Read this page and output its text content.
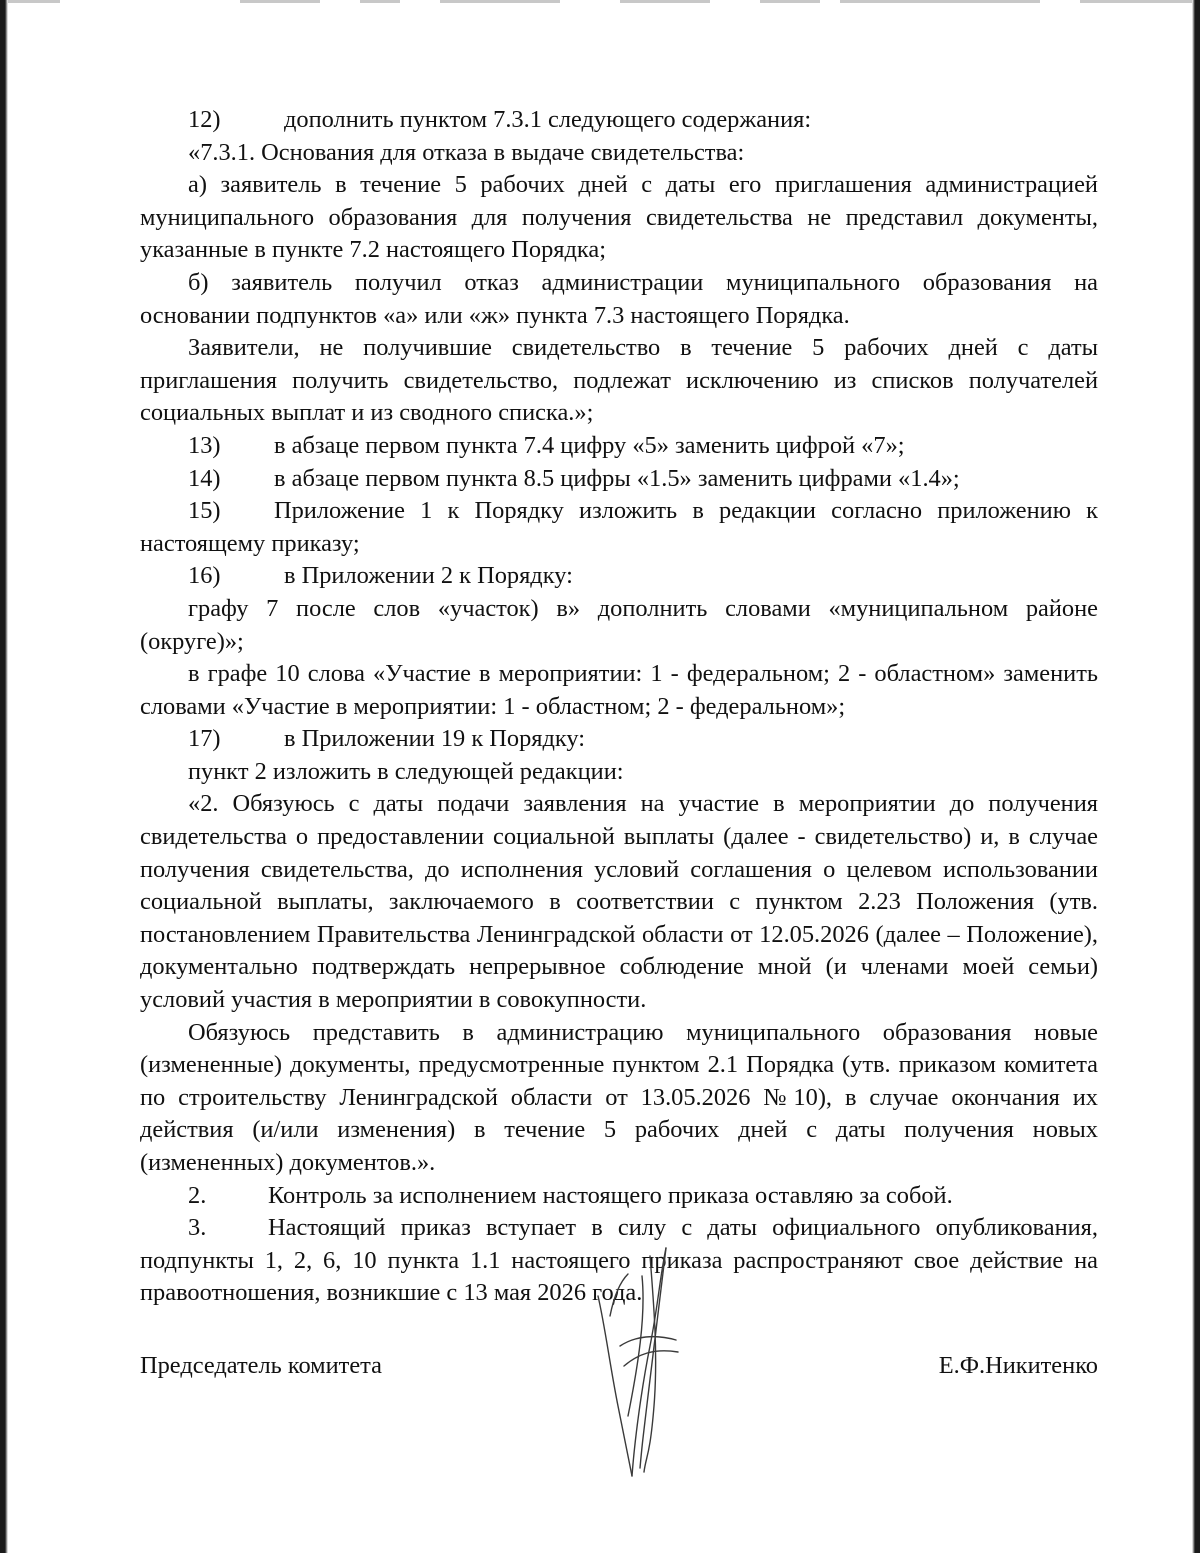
12)	дополнить пунктом 7.3.1 следующего содержания:

«7.3.1. Основания для отказа в выдаче свидетельства:

а) заявитель в течение 5 рабочих дней с даты его приглашения администрацией муниципального образования для получения свидетельства не представил документы, указанные в пункте 7.2 настоящего Порядка;

б) заявитель получил отказ администрации муниципального образования на основании подпунктов «а» или «ж» пункта 7.3 настоящего Порядка.

Заявители, не получившие свидетельство в течение 5 рабочих дней с даты приглашения получить свидетельство, подлежат исключению из списков получателей социальных выплат и из сводного списка.»;

13) в абзаце первом пункта 7.4 цифру «5» заменить цифрой «7»;

14) в абзаце первом пункта 8.5 цифры «1.5» заменить цифрами «1.4»;

15) Приложение 1 к Порядку изложить в редакции согласно приложению к настоящему приказу;

16)	в Приложении 2 к Порядку:

графу 7 после слов «участок) в» дополнить словами «муниципальном районе (округе)»;

в графе 10 слова «Участие в мероприятии: 1 - федеральном; 2 - областном» заменить словами «Участие в мероприятии: 1 - областном; 2 - федеральном»;

17)	в Приложении 19 к Порядку:

пункт 2 изложить в следующей редакции:

«2. Обязуюсь с даты подачи заявления на участие в мероприятии до получения свидетельства о предоставлении социальной выплаты (далее - свидетельство) и, в случае получения свидетельства, до исполнения условий соглашения о целевом использовании социальной выплаты, заключаемого в соответствии с пунктом 2.23 Положения (утв. постановлением Правительства Ленинградской области от 12.05.2026 (далее – Положение), документально подтверждать непрерывное соблюдение мной (и членами моей семьи) условий участия в мероприятии в совокупности.

Обязуюсь представить в администрацию муниципального образования новые (измененные) документы, предусмотренные пунктом 2.1 Порядка (утв. приказом комитета по строительству Ленинградской области от 13.05.2026 №10), в случае окончания их действия (и/или изменения) в течение 5 рабочих дней с даты получения новых (измененных) документов.».

2.	Контроль за исполнением настоящего приказа оставляю за собой.

3.	Настоящий приказ вступает в силу с даты официального опубликования, подпункты 1, 2, 6, 10 пункта 1.1 настоящего приказа распространяют свое действие на правоотношения, возникшие с 13 мая 2026 года.

Председатель комитета	Е.Ф.Никитенко
